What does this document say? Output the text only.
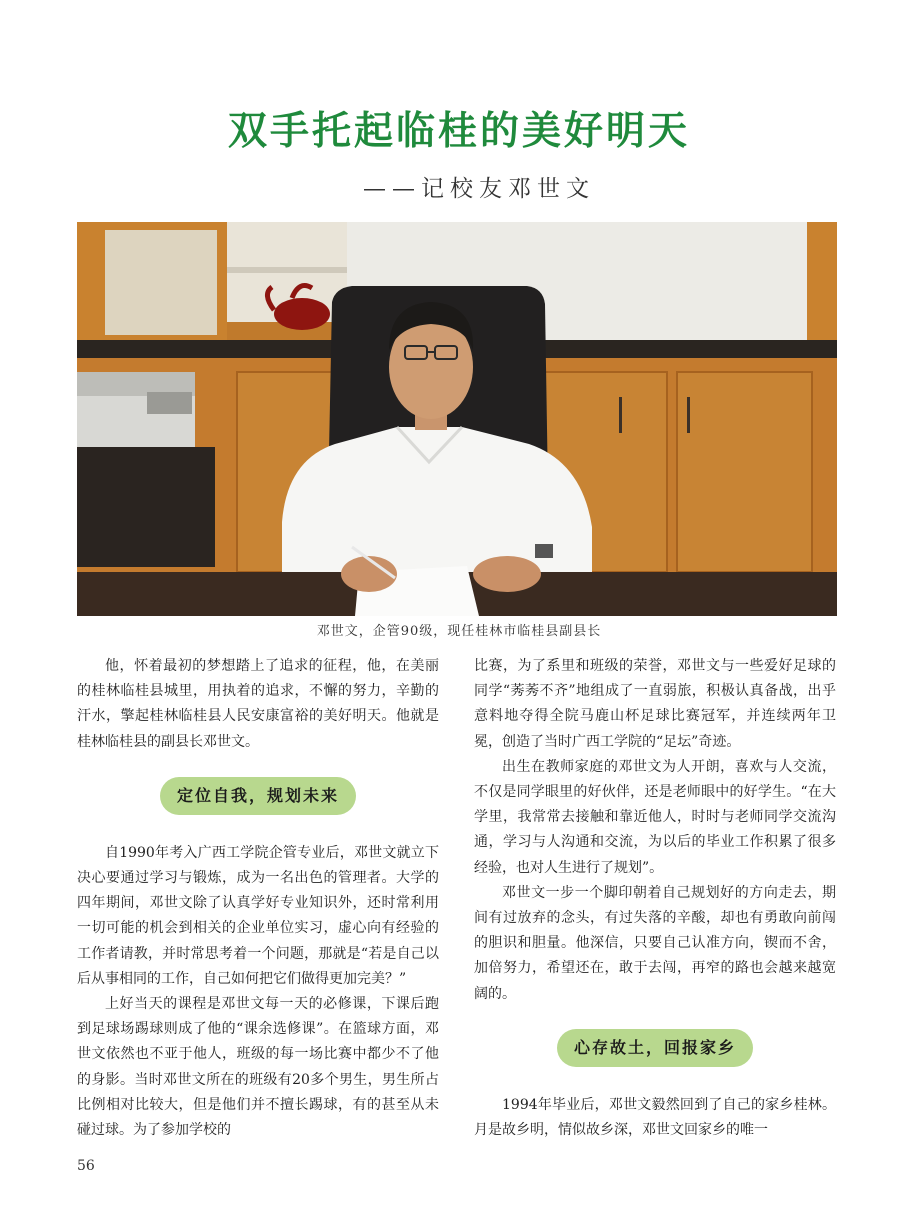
双手托起临桂的美好明天
——记校友邓世文
邓世文，企管90级，现任桂林市临桂县副县长

他，怀着最初的梦想踏上了追求的征程，他，在美丽的桂林临桂县城里，用执着的追求，不懈的努力，辛勤的汗水，擎起桂林临桂县人民安康富裕的美好明天。他就是桂林临桂县的副县长邓世文。

定位自我，规划未来

自1990年考入广西工学院企管专业后，邓世文就立下决心要通过学习与锻炼，成为一名出色的管理者。大学的四年期间，邓世文除了认真学好专业知识外，还时常利用一切可能的机会到相关的企业单位实习，虚心向有经验的工作者请教，并时常思考着一个问题，那就是“若是自己以后从事相同的工作，自己如何把它们做得更加完美？”

上好当天的课程是邓世文每一天的必修课，下课后跑到足球场踢球则成了他的“课余选修课”。在篮球方面，邓世文依然也不亚于他人，班级的每一场比赛中都少不了他的身影。当时邓世文所在的班级有20多个男生，男生所占比例相对比较大，但是他们并不擅长踢球，有的甚至从未碰过球。为了参加学校的

比赛，为了系里和班级的荣誉，邓世文与一些爱好足球的同学“莠莠不齐”地组成了一直弱旅，积极认真备战，出乎意料地夺得全院马鹿山杯足球比赛冠军，并连续两年卫冕，创造了当时广西工学院的“足坛”奇迹。

出生在教师家庭的邓世文为人开朗，喜欢与人交流，不仅是同学眼里的好伙伴，还是老师眼中的好学生。“在大学里，我常常去接触和靠近他人，时时与老师同学交流沟通，学习与人沟通和交流，为以后的毕业工作积累了很多经验，也对人生进行了规划”。

邓世文一步一个脚印朝着自己规划好的方向走去，期间有过放弃的念头，有过失落的辛酸，却也有勇敢向前闯的胆识和胆量。他深信，只要自己认准方向，锲而不舍，加倍努力，希望还在，敢于去闯，再窄的路也会越来越宽阔的。

心存故土，回报家乡

1994年毕业后，邓世文毅然回到了自己的家乡桂林。月是故乡明，情似故乡深，邓世文回家乡的唯一

56
